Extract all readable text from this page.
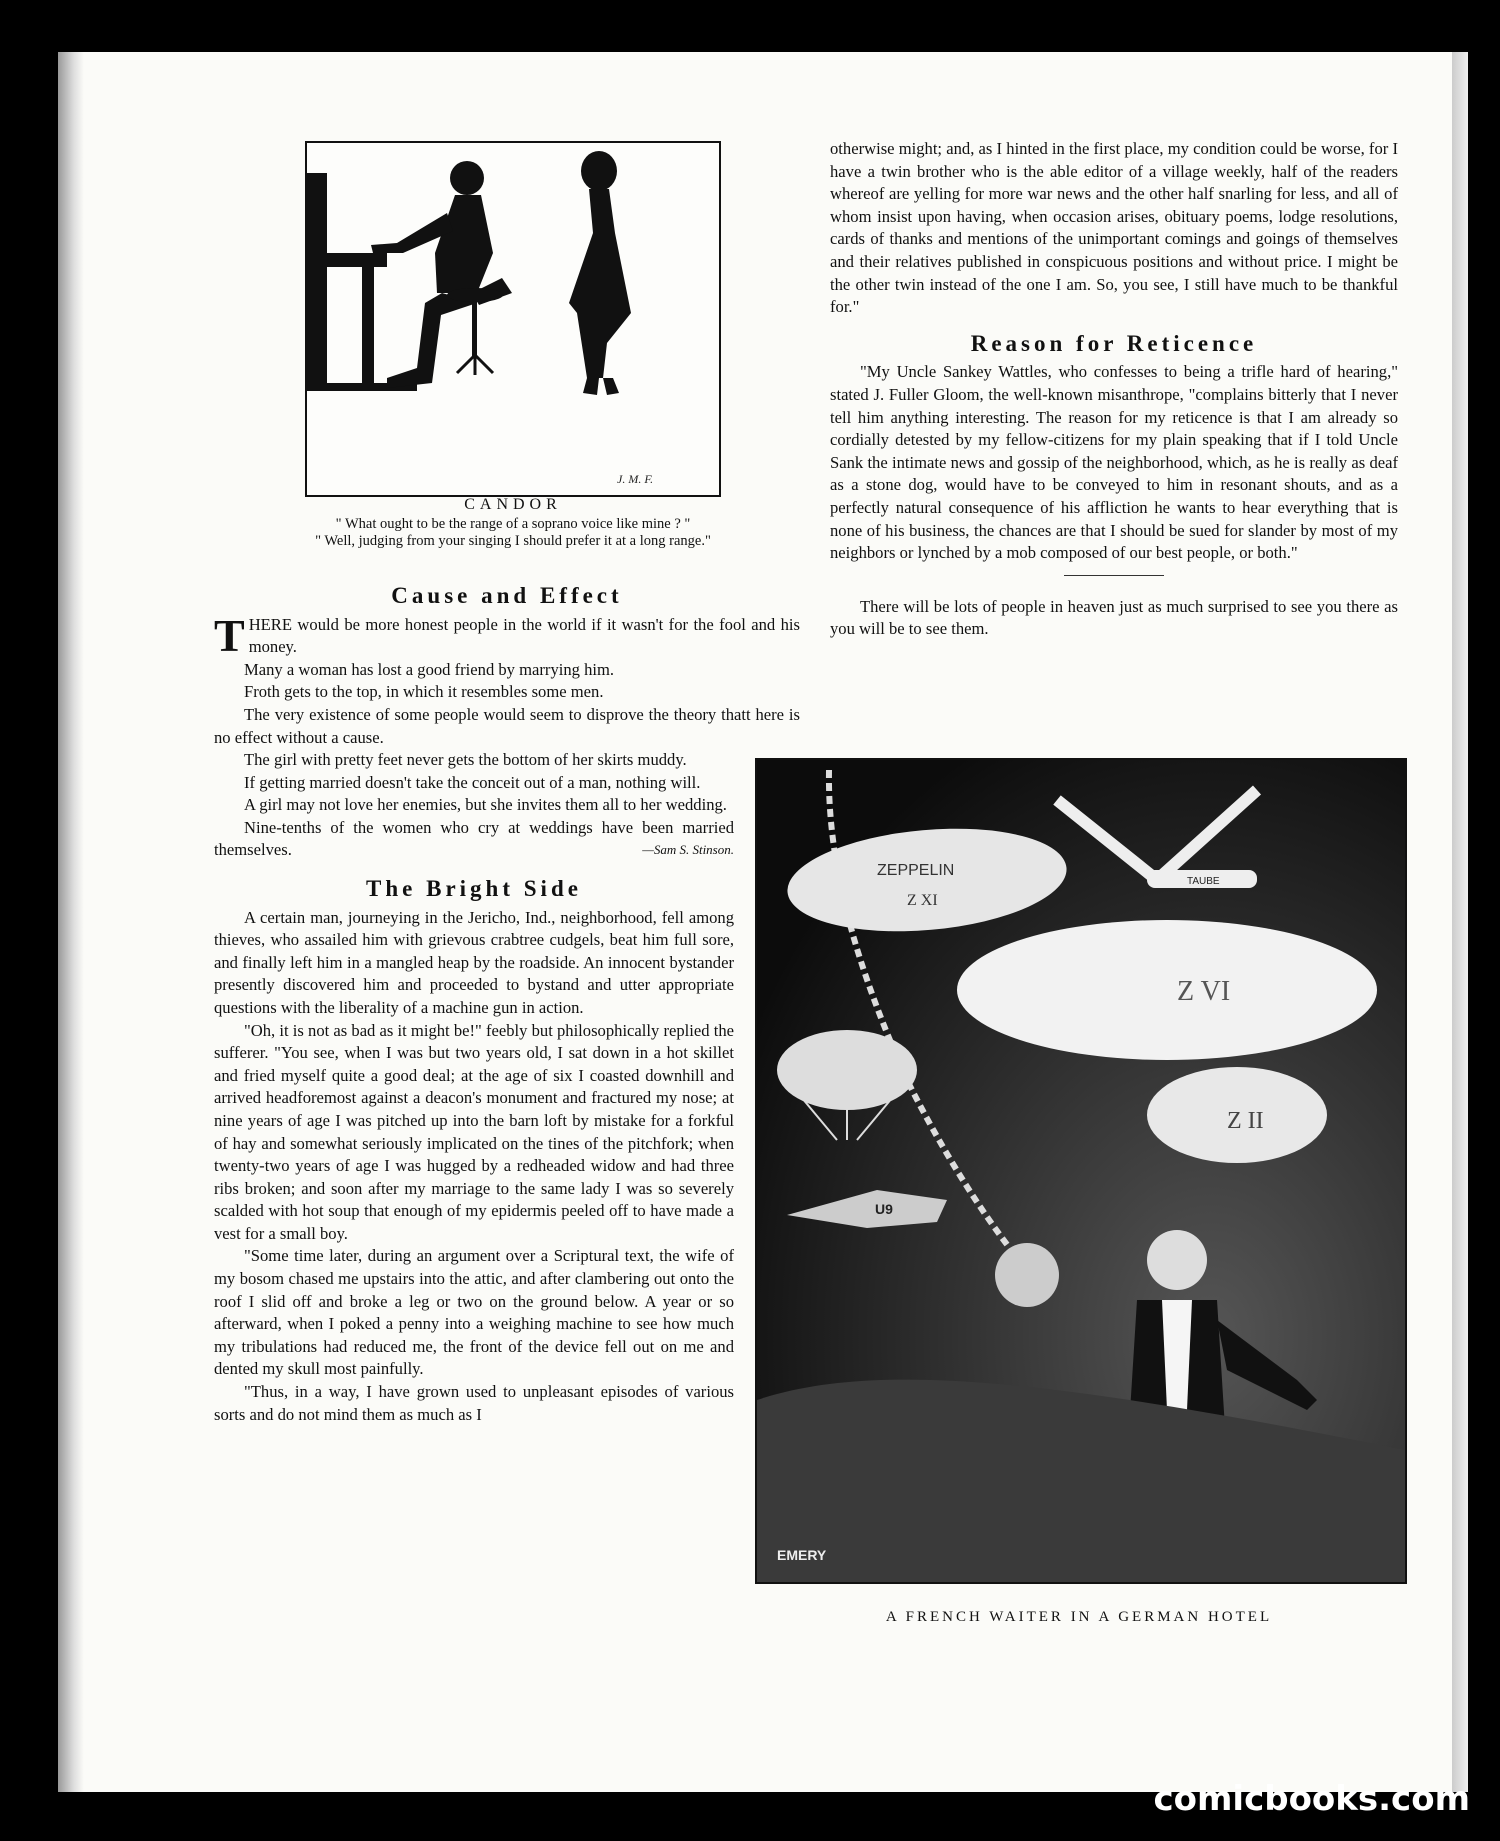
J. M. F.
CANDOR
" What ought to be the range of a soprano voice like mine ? "
" Well, judging from your singing I should prefer it at a long range."
Cause and Effect

THERE would be more honest people in the world if it wasn't for the fool and his money.

Many a woman has lost a good friend by marrying him.

Froth gets to the top, in which it resembles some men.

The very existence of some people would seem to disprove the theory thatt here is no effect without a cause.

The girl with pretty feet never gets the bottom of her skirts muddy.

If getting married doesn't take the conceit out of a man, nothing will.

A girl may not love her enemies, but she invites them all to her wedding.

Nine-tenths of the women who cry at weddings have been married themselves.	—Sam S. Stinson.

The Bright Side

A certain man, journeying in the Jericho, Ind., neighborhood, fell among thieves, who assailed him with grievous crabtree cudgels, beat him full sore, and finally left him in a mangled heap by the roadside. An innocent bystander presently discovered him and proceeded to bystand and utter appropriate questions with the liberality of a machine gun in action.

"Oh, it is not as bad as it might be!" feebly but philosophically replied the sufferer. "You see, when I was but two years old, I sat down in a hot skillet and fried myself quite a good deal; at the age of six I coasted downhill and arrived headforemost against a deacon's monument and fractured my nose; at nine years of age I was pitched up into the barn loft by mistake for a forkful of hay and somewhat seriously implicated on the tines of the pitchfork; when twenty-two years of age I was hugged by a redheaded widow and had three ribs broken; and soon after my marriage to the same lady I was so severely scalded with hot soup that enough of my epidermis peeled off to have made a vest for a small boy.

"Some time later, during an argument over a Scriptural text, the wife of my bosom chased me upstairs into the attic, and after clambering out onto the roof I slid off and broke a leg or two on the ground below. A year or so afterward, when I poked a penny into a weighing machine to see how much my tribulations had reduced me, the front of the device fell out on me and dented my skull most painfully.

"Thus, in a way, I have grown used to unpleasant episodes of various sorts and do not mind them as much as I

otherwise might; and, as I hinted in the first place, my condition could be worse, for I have a twin brother who is the able editor of a village weekly, half of the readers whereof are yelling for more war news and the other half snarling for less, and all of whom insist upon having, when occasion arises, obituary poems, lodge resolutions, cards of thanks and mentions of the unimportant comings and goings of themselves and their relatives published in conspicuous positions and without price. I might be the other twin instead of the one I am. So, you see, I still have much to be thankful for."

Reason for Reticence

"My Uncle Sankey Wattles, who confesses to being a trifle hard of hearing," stated J. Fuller Gloom, the well-known misanthrope, "complains bitterly that I never tell him anything interesting. The reason for my reticence is that I am already so cordially detested by my fellow-citizens for my plain speaking that if I told Uncle Sank the intimate news and gossip of the neighborhood, which, as he is really as deaf as a stone dog, would have to be conveyed to him in resonant shouts, and as a perfectly natural consequence of his affliction he wants to hear everything that is none of his business, the chances are that I should be sued for slander by most of my neighbors or lynched by a mob composed of our best people, or both."

There will be lots of people in heaven just as much surprised to see you there as you will be to see them.

TAUBE
ZEPPELIN
Z XI
Z VI
Z II
U9
EMERY
A FRENCH WAITER IN A GERMAN HOTEL
comicbooks.com
